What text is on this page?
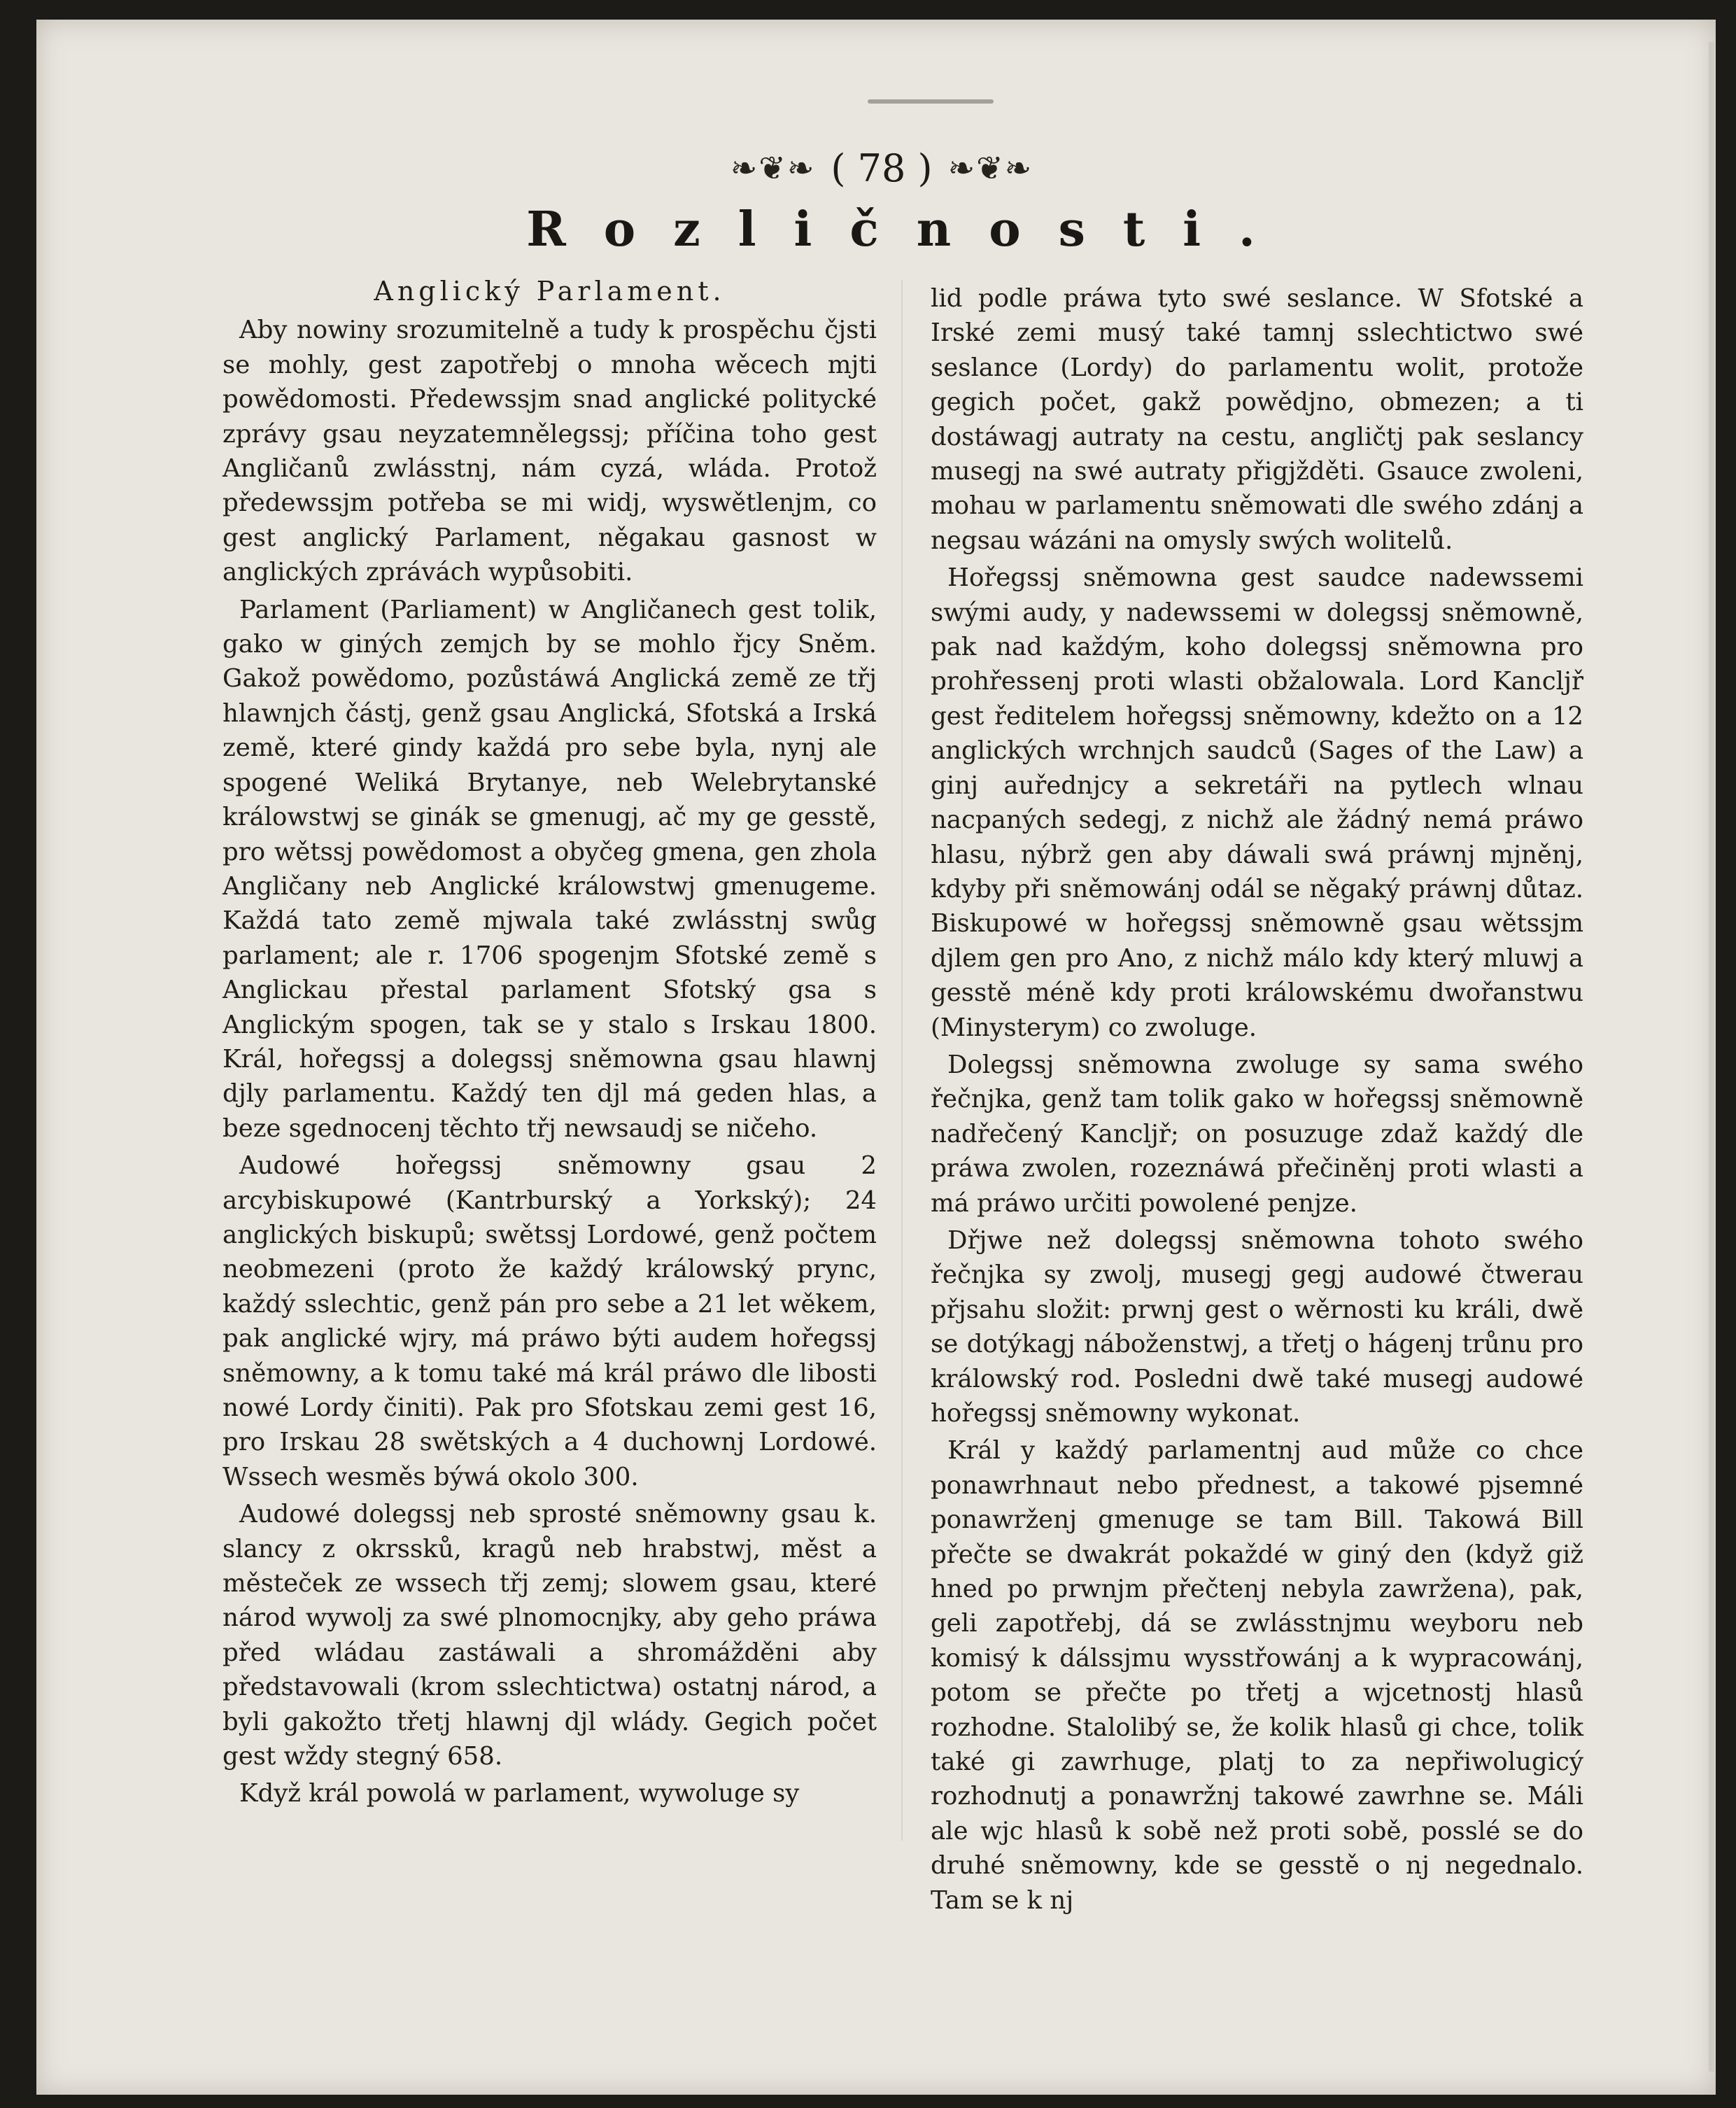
❧❦❧ ( 78 ) ❧❦❧
Rozličnosti.
Anglický Parlament.

Aby nowiny srozumitelně a tudy k prospěchu čjsti se mohly, gest zapotřebj o mnoha wěcech mjti powědomosti. Předewssjm snad anglické politycké zprávy gsau neyzatemnělegssj; příčina toho gest Angličanů zwlásstnj, nám cyzá, wláda. Protož předewssjm potřeba se mi widj, wyswětlenjm, co gest anglický Parlament, něgakau gasnost w anglických zprávách wypůsobiti.

Parlament (Parliament) w Angličanech gest tolik, gako w giných zemjch by se mohlo řjcy Sněm. Gakož powědomo, pozůstáwá Anglická země ze třj hlawnjch částj, genž gsau Anglická, Sfotská a Irská země, které gindy každá pro sebe byla, nynj ale spogené Weliká Brytanye, neb Welebrytanské králowstwj se ginák se gmenugj, ač my ge gesstě, pro wětssj powědomost a obyčeg gmena, gen zhola Angličany neb Anglické králowstwj gmenugeme. Každá tato země mjwala také zwlásstnj swůg parlament; ale r. 1706 spogenjm Sfotské země s Anglickau přestal parlament Sfotský gsa s Anglickým spogen, tak se y stalo s Irskau 1800. Král, hořegssj a dolegssj sněmowna gsau hlawnj djly parlamentu. Každý ten djl má geden hlas, a beze sgednocenj těchto třj newsaudj se ničeho.

Audowé hořegssj sněmowny gsau 2 arcybiskupowé (Kantrburský a Yorkský); 24 anglických biskupů; swětssj Lordowé, genž počtem neobmezeni (proto že každý králowský prync, každý sslechtic, genž pán pro sebe a 21 let wěkem, pak anglické wjry, má práwo býti audem hořegssj sněmowny, a k tomu také má král práwo dle libosti nowé Lordy činiti). Pak pro Sfotskau zemi gest 16, pro Irskau 28 swětských a 4 duchownj Lordowé. Wssech wesměs býwá okolo 300.

Audowé dolegssj neb sprosté sněmowny gsau k. slancy z okrssků, kragů neb hrabstwj, měst a městeček ze wssech třj zemj; slowem gsau, které národ wywolj za swé plnomocnjky, aby geho práwa před wládau zastáwali a shromážděni aby představowali (krom sslechtictwa) ostatnj národ, a byli gakožto třetj hlawnj djl wlády. Gegich počet gest wždy stegný 658.

Když král powolá w parlament, wywoluge sy

lid podle práwa tyto swé seslance. W Sfotské a Irské zemi musý také tamnj sslechtictwo swé seslance (Lordy) do parlamentu wolit, protože gegich počet, gakž powědjno, obmezen; a ti dostáwagj autraty na cestu, angličtj pak seslancy musegj na swé autraty přigjžděti. Gsauce zwoleni, mohau w parlamentu sněmowati dle swého zdánj a negsau wázáni na omysly swých wolitelů.

Hořegssj sněmowna gest saudce nadewssemi swými audy, y nadewssemi w dolegssj sněmowně, pak nad každým, koho dolegssj sněmowna pro prohřessenj proti wlasti obžalowala. Lord Kancljř gest ředitelem hořegssj sněmowny, kdežto on a 12 anglických wrchnjch saudců (Sages of the Law) a ginj auřednjcy a sekretáři na pytlech wlnau nacpaných sedegj, z nichž ale žádný nemá práwo hlasu, nýbrž gen aby dáwali swá práwnj mjněnj, kdyby při sněmowánj odál se něgaký práwnj důtaz. Biskupowé w hořegssj sněmowně gsau wětssjm djlem gen pro Ano, z nichž málo kdy který mluwj a gesstě méně kdy proti králowskému dwořanstwu (Minysterym) co zwoluge.

Dolegssj sněmowna zwoluge sy sama swého řečnjka, genž tam tolik gako w hořegssj sněmowně nadřečený Kancljř; on posuzuge zdaž každý dle práwa zwolen, rozeznáwá přečiněnj proti wlasti a má práwo určiti powolené penjze.

Dřjwe než dolegssj sněmowna tohoto swého řečnjka sy zwolj, musegj gegj audowé čtwerau přjsahu složit: prwnj gest o wěrnosti ku králi, dwě se dotýkagj náboženstwj, a třetj o hágenj trůnu pro králowský rod. Posledni dwě také musegj audowé hořegssj sněmowny wykonat.

Král y každý parlamentnj aud může co chce ponawrhnaut nebo přednest, a takowé pjsemné ponawrženj gmenuge se tam Bill. Takowá Bill přečte se dwakrát pokaždé w giný den (když giž hned po prwnjm přečtenj nebyla zawržena), pak, geli zapotřebj, dá se zwlásstnjmu weyboru neb komisý k dálssjmu wysstřowánj a k wypracowánj, potom se přečte po třetj a wjcetnostj hlasů rozhodne. Stalolibý se, že kolik hlasů gi chce, tolik také gi zawrhuge, platj to za nepřiwolugicý rozhodnutj a ponawržnj takowé zawrhne se. Máli ale wjc hlasů k sobě než proti sobě, posslé se do druhé sněmowny, kde se gesstě o nj negednalo. Tam se k nj
